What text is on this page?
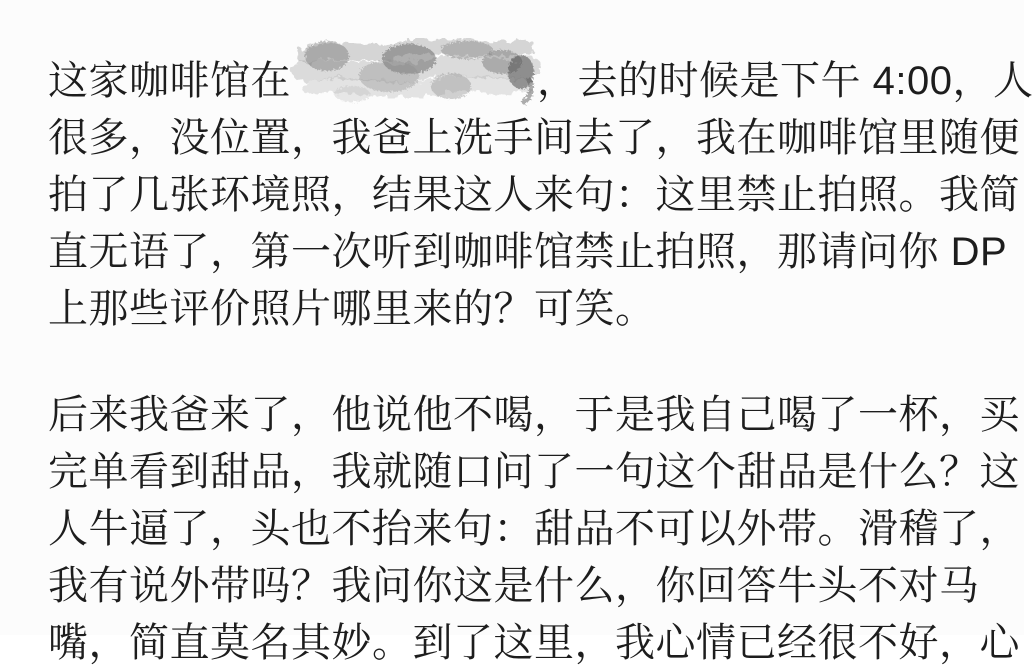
这家咖啡馆在	，去的时候是下午 4:00，人
很多，没位置，我爸上洗手间去了，我在咖啡馆里随便
拍了几张环境照，结果这人来句：这里禁止拍照。我简
直无语了，第一次听到咖啡馆禁止拍照，那请问你 DP
上那些评价照片哪里来的？可笑。
后来我爸来了，他说他不喝，于是我自己喝了一杯，买
完单看到甜品，我就随口问了一句这个甜品是什么？这
人牛逼了，头也不抬来句：甜品不可以外带。滑稽了，
我有说外带吗？我问你这是什么，你回答牛头不对马
嘴，简直莫名其妙。到了这里，我心情已经很不好，心
